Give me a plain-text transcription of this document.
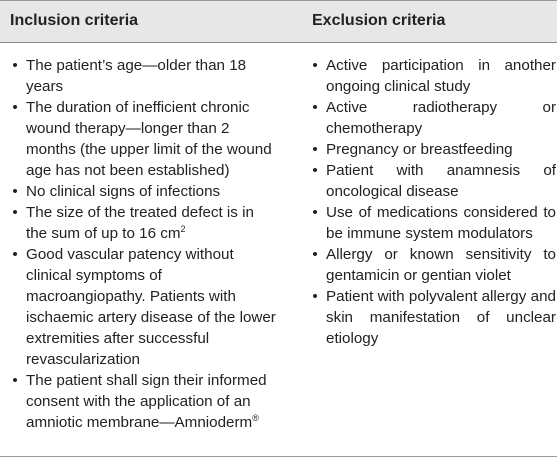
Inclusion criteria	Exclusion criteria
• The patient’s age—older than 18 years
• The duration of inefficient chronic wound therapy—longer than 2 months (the upper limit of the wound age has not been established)
• No clinical signs of infections
• The size of the treated defect is in the sum of up to 16 $cm^2$
• Good vascular patency without clinical symptoms of macroangiopathy. Patients with ischaemic artery disease of the lower extremities after successful revascularization
• The patient shall sign their informed consent with the application of an amniotic membrane—Amnioderm®
• Active participation in another ongoing clinical study
• Active radiotherapy or chemotherapy
• Pregnancy or breastfeeding
• Patient with anamnesis of oncological disease
• Use of medications considered to be immune system modulators
• Allergy or known sensitivity to gentamicin or gentian violet
• Patient with polyvalent allergy and skin manifestation of unclear etiology
